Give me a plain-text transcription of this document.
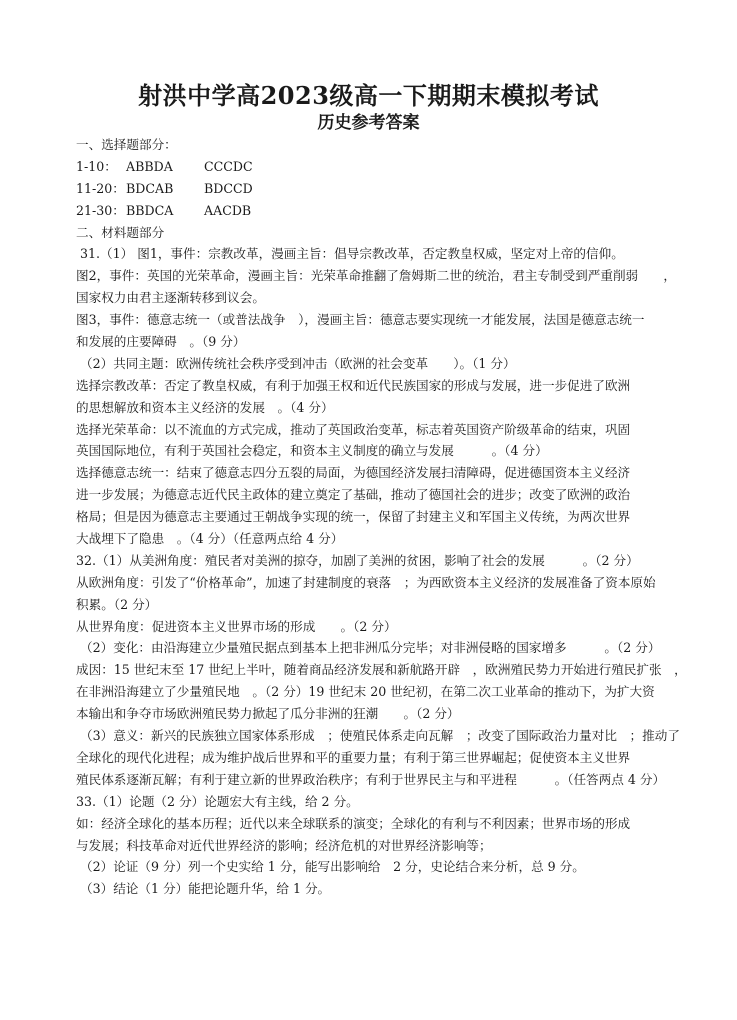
射洪中学高2023级高一下期期末模拟考试
历史参考答案
一、选择题部分：
1-10： ABBDA CCCDC
11-20：BDCAB BDCCD
21-30：BBDCA AACDB
二、材料题部分
31.（1） 图1，事件：宗教改革，漫画主旨：倡导宗教改革，否定教皇权威，坚定对上帝的信仰。
图2，事件：英国的光荣革命，漫画主旨：光荣革命推翻了詹姆斯二世的统治，君主专制受到严重削弱　　，
国家权力由君主逐渐转移到议会。
图3，事件：德意志统一（或普法战争　），漫画主旨：德意志要实现统一才能发展，法国是德意志统一
和发展的庄要障碍　。（9 分）
（2）共同主题：欧洲传统社会秩序受到冲击（欧洲的社会变革　　）。（1 分）
选择宗教改革：否定了教皇权威，有利于加强王权和近代民族国家的形成与发展，进一步促进了欧洲
的思想解放和资本主义经济的发展　。（4 分）
选择光荣革命：以不流血的方式完成，推动了英国政治变革，标志着英国资产阶级革命的结束，巩固
英国国际地位，有利于英国社会稳定，和资本主义制度的确立与发展　　　。（4 分）
选择德意志统一：结束了德意志四分五裂的局面，为德国经济发展扫清障碍，促进德国资本主义经济
进一步发展；为德意志近代民主政体的建立奠定了基础，推动了德国社会的进步；改变了欧洲的政治
格局；但是因为德意志主要通过王朝战争实现的统一，保留了封建主义和军国主义传统，为两次世界
大战埋下了隐患　。（4 分）（任意两点给 4 分）
32.（1）从美洲角度：殖民者对美洲的掠夺，加剧了美洲的贫困，影响了社会的发展　　　。（2 分）
从欧洲角度：引发了“价格革命”，加速了封建制度的衰落　；为西欧资本主义经济的发展准备了资本原始
积累。（2 分）
从世界角度：促进资本主义世界市场的形成　　。（2 分）
（2）变化：由沿海建立少量殖民据点到基本上把非洲瓜分完毕；对非洲侵略的国家增多　　　。（2 分）
成因：15 世纪末至 17 世纪上半叶，随着商品经济发展和新航路开辟　，欧洲殖民势力开始进行殖民扩张　，
在非洲沿海建立了少量殖民地　。（2 分）19 世纪末 20 世纪初，在第二次工业革命的推动下，为扩大资
本输出和争夺市场欧洲殖民势力掀起了瓜分非洲的狂潮　　。（2 分）
（3）意义：新兴的民族独立国家体系形成　；使殖民体系走向瓦解　；改变了国际政治力量对比　；推动了
全球化的现代化进程；成为维护战后世界和平的重要力量；有利于第三世界崛起；促使资本主义世界
殖民体系逐渐瓦解；有利于建立新的世界政治秩序；有利于世界民主与和平进程　　　。（任答两点 4 分）
33.（1）论题（2 分）论题宏大有主线，给 2 分。
如：经济全球化的基本历程；近代以来全球联系的演变；全球化的有利与不利因素；世界市场的形成
与发展；科技革命对近代世界经济的影响；经济危机的对世界经济影响等；
（2）论证（9 分）列一个史实给 1 分，能写出影响给　2 分，史论结合来分析，总 9 分。
（3）结论（1 分）能把论题升华，给 1 分。
